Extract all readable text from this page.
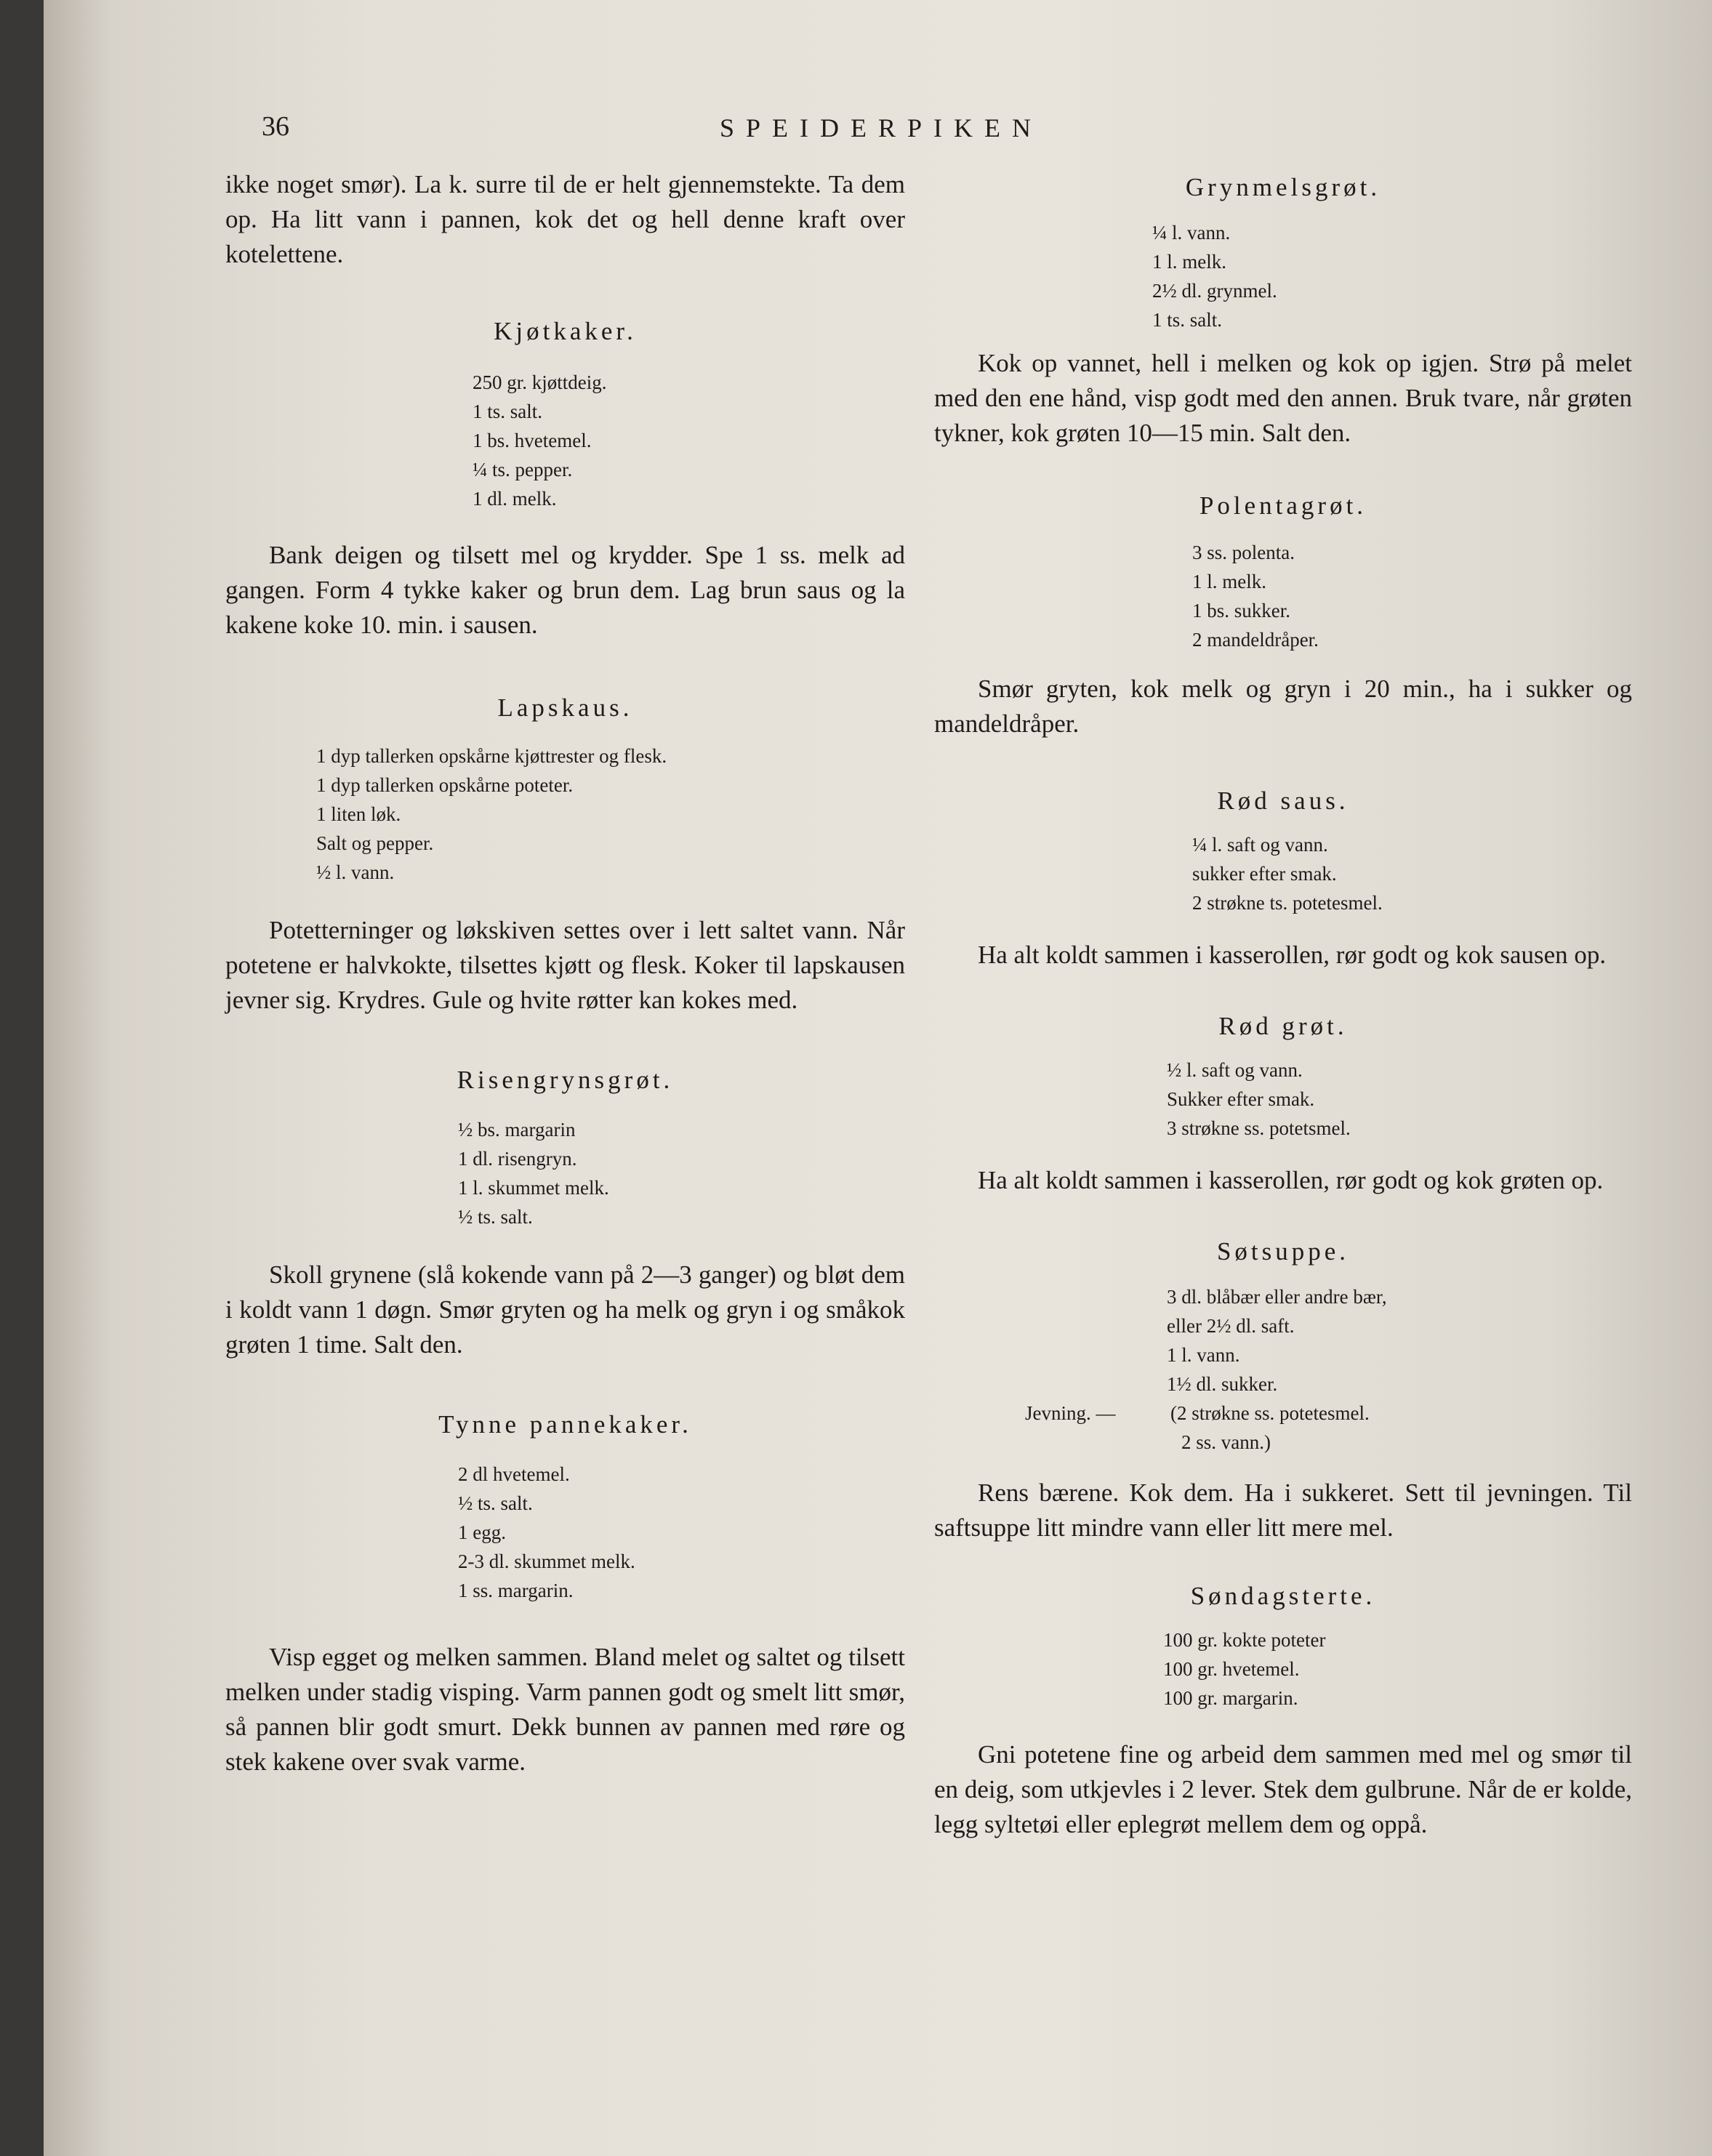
36	SPEIDERPIKEN

ikke noget smør). La k. surre til de er helt gjennemstekte. Ta dem op. Ha litt vann i pannen, kok det og hell denne kraft over kotelettene.

Kjøtkaker.

250 gr. kjøttdeig.
1 ts. salt.
1 bs. hvetemel.
¼ ts. pepper.
1 dl. melk.

Bank deigen og tilsett mel og krydder. Spe 1 ss. melk ad gangen. Form 4 tykke kaker og brun dem. Lag brun saus og la kakene koke 10. min. i sausen.

Lapskaus.

1 dyp tallerken opskårne kjøttrester og flesk.
1 dyp tallerken opskårne poteter.
1 liten løk.
Salt og pepper.
½ l. vann.

Potetterninger og løkskiven settes over i lett saltet vann. Når potetene er halvkokte, tilsettes kjøtt og flesk. Koker til lapskausen jevner sig. Krydres. Gule og hvite røtter kan kokes med.

Risengrynsgrøt.

½ bs. margarin
1 dl. risengryn.
1 l. skummet melk.
½ ts. salt.

Skoll grynene (slå kokende vann på 2—3 ganger) og bløt dem i koldt vann 1 døgn. Smør gryten og ha melk og gryn i og småkok grøten 1 time. Salt den.

Tynne pannekaker.

2 dl hvetemel.
½ ts. salt.
1 egg.
2-3 dl. skummet melk.
1 ss. margarin.

Visp egget og melken sammen. Bland melet og saltet og tilsett melken under stadig visping. Varm pannen godt og smelt litt smør, så pannen blir godt smurt. Dekk bunnen av pannen med røre og stek kakene over svak varme.

Grynmelsgrøt.

¼ l. vann.
1 l. melk.
2½ dl. grynmel.
1 ts. salt.

Kok op vannet, hell i melken og kok op igjen. Strø på melet med den ene hånd, visp godt med den annen. Bruk tvare, når grøten tykner, kok grøten 10—15 min. Salt den.

Polentagrøt.

3 ss. polenta.
1 l. melk.
1 bs. sukker.
2 mandeldråper.

Smør gryten, kok melk og gryn i 20 min., ha i sukker og mandeldråper.

Rød saus.

¼ l. saft og vann.
sukker efter smak.
2 strøkne ts. potetesmel.

Ha alt koldt sammen i kasserollen, rør godt og kok sausen op.

Rød grøt.

½ l. saft og vann.
Sukker efter smak.
3 strøkne ss. potetsmel.

Ha alt koldt sammen i kasserollen, rør godt og kok grøten op.

Søtsuppe.

3 dl. blåbær eller andre bær,
eller 2½ dl. saft.
1 l. vann.
1½ dl. sukker.
Jevning. —	(2 strøkne ss. potetesmel.
2 ss. vann.)

Rens bærene. Kok dem. Ha i sukkeret. Sett til jevningen. Til saftsuppe litt mindre vann eller litt mere mel.

Søndagsterte.

100 gr. kokte poteter
100 gr. hvetemel.
100 gr. margarin.

Gni potetene fine og arbeid dem sammen med mel og smør til en deig, som utkjevles i 2 lever. Stek dem gulbrune. Når de er kolde, legg syltetøi eller eplegrøt mellem dem og oppå.
